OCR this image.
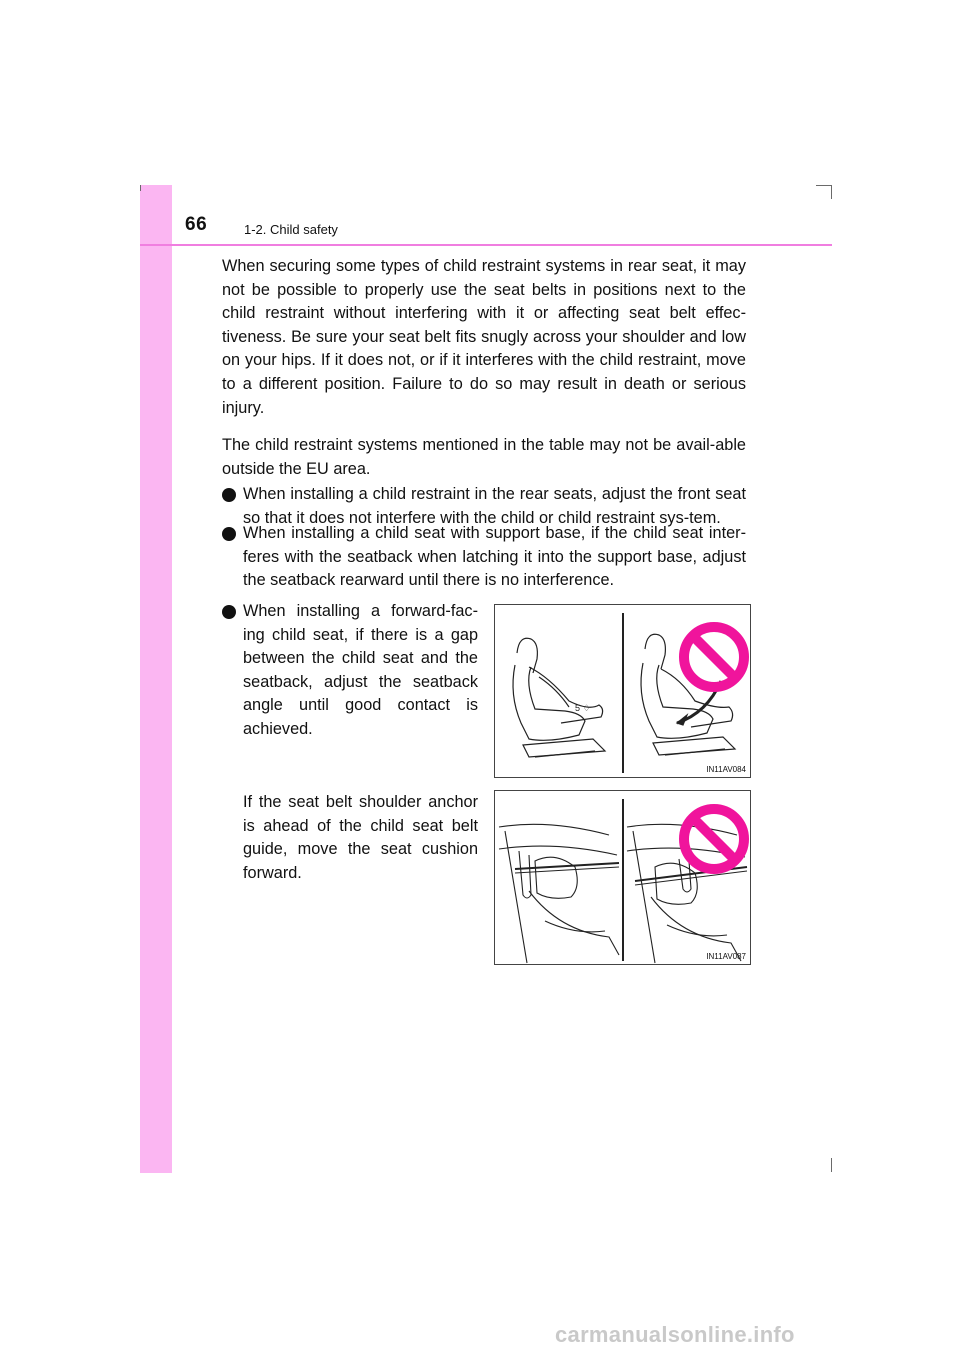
66	1-2. Child safety

When securing some types of child restraint systems in rear seat, it may not be possible to properly use the seat belts in positions next to the child restraint without interfering with it or affecting seat belt effec-tiveness. Be sure your seat belt fits snugly across your shoulder and low on your hips. If it does not, or if it interferes with the child restraint, move to a different position. Failure to do so may result in death or serious injury.

The child restraint systems mentioned in the table may not be avail-able outside the EU area.

When installing a child restraint in the rear seats, adjust the front seat so that it does not interfere with the child or child restraint sys-tem.
When installing a child seat with support base, if the child seat inter-feres with the seatback when latching it into the support base, adjust the seatback rearward until there is no interference.
When installing a forward-fac-ing child seat, if there is a gap between the child seat and the seatback, adjust the seatback angle until good contact is achieved.
If the seat belt shoulder anchor is ahead of the child seat belt guide, move the seat cushion forward.
5 ♢
IN11AV084
IN11AV087
carmanualsonline.info
